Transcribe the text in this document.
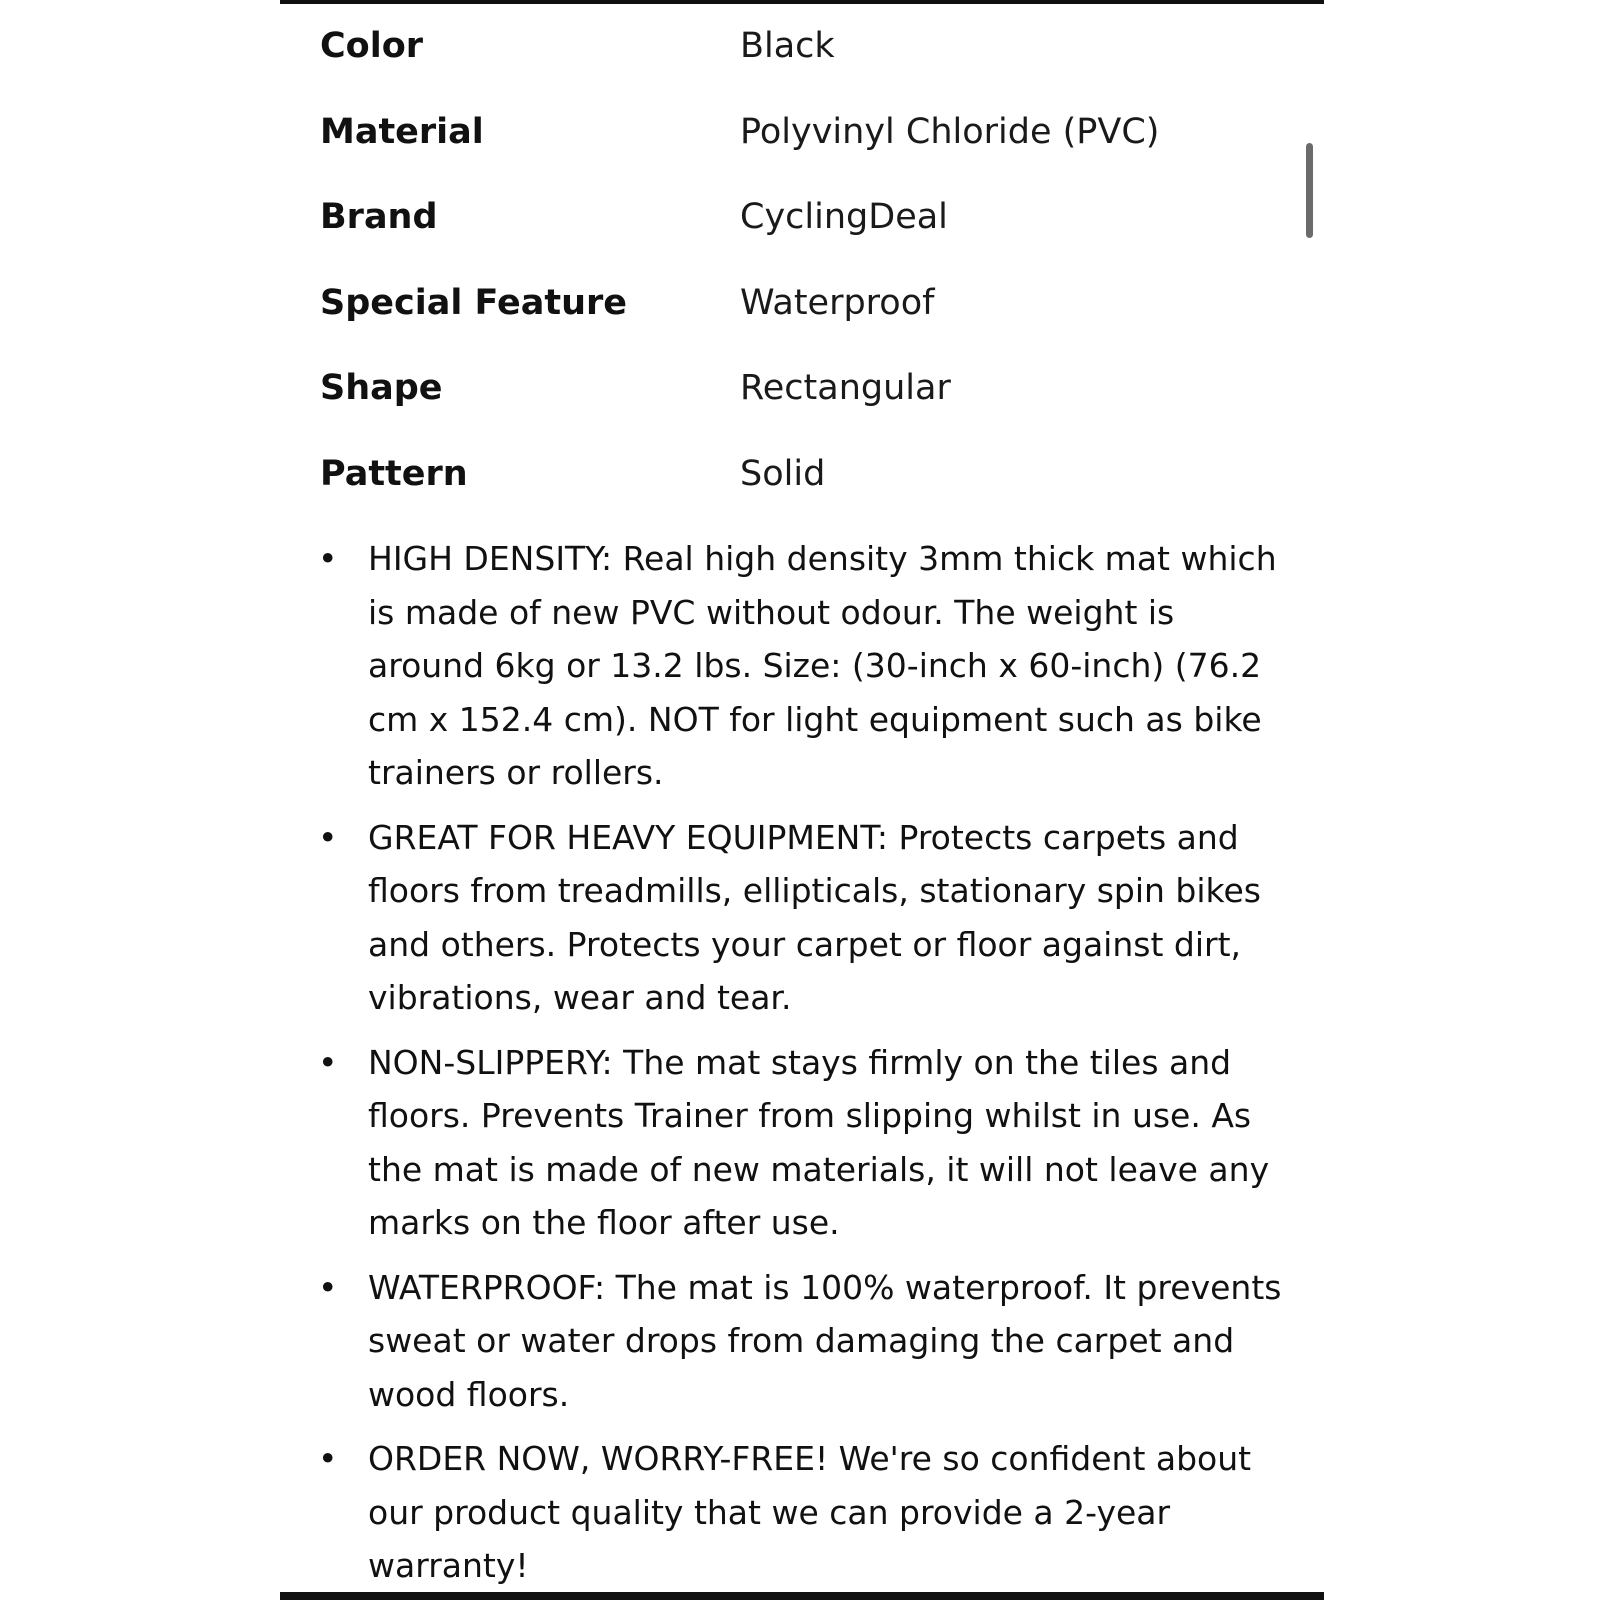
Color	Black
Material	Polyvinyl Chloride (PVC)
Brand	CyclingDeal
Special Feature	Waterproof
Shape	Rectangular
Pattern	Solid
• HIGH DENSITY: Real high density 3mm thick mat which is made of new PVC without odour. The weight is around 6kg or 13.2 lbs. Size: (30-inch x 60-inch) (76.2 cm x 152.4 cm). NOT for light equipment such as bike trainers or rollers.
• GREAT FOR HEAVY EQUIPMENT: Protects carpets and floors from treadmills, ellipticals, stationary spin bikes and others. Protects your carpet or floor against dirt, vibrations, wear and tear.
• NON-SLIPPERY: The mat stays firmly on the tiles and floors. Prevents Trainer from slipping whilst in use. As the mat is made of new materials, it will not leave any marks on the floor after use.
• WATERPROOF: The mat is 100% waterproof. It prevents sweat or water drops from damaging the carpet and wood floors.
• ORDER NOW, WORRY-FREE! We're so confident about our product quality that we can provide a 2-year warranty!
